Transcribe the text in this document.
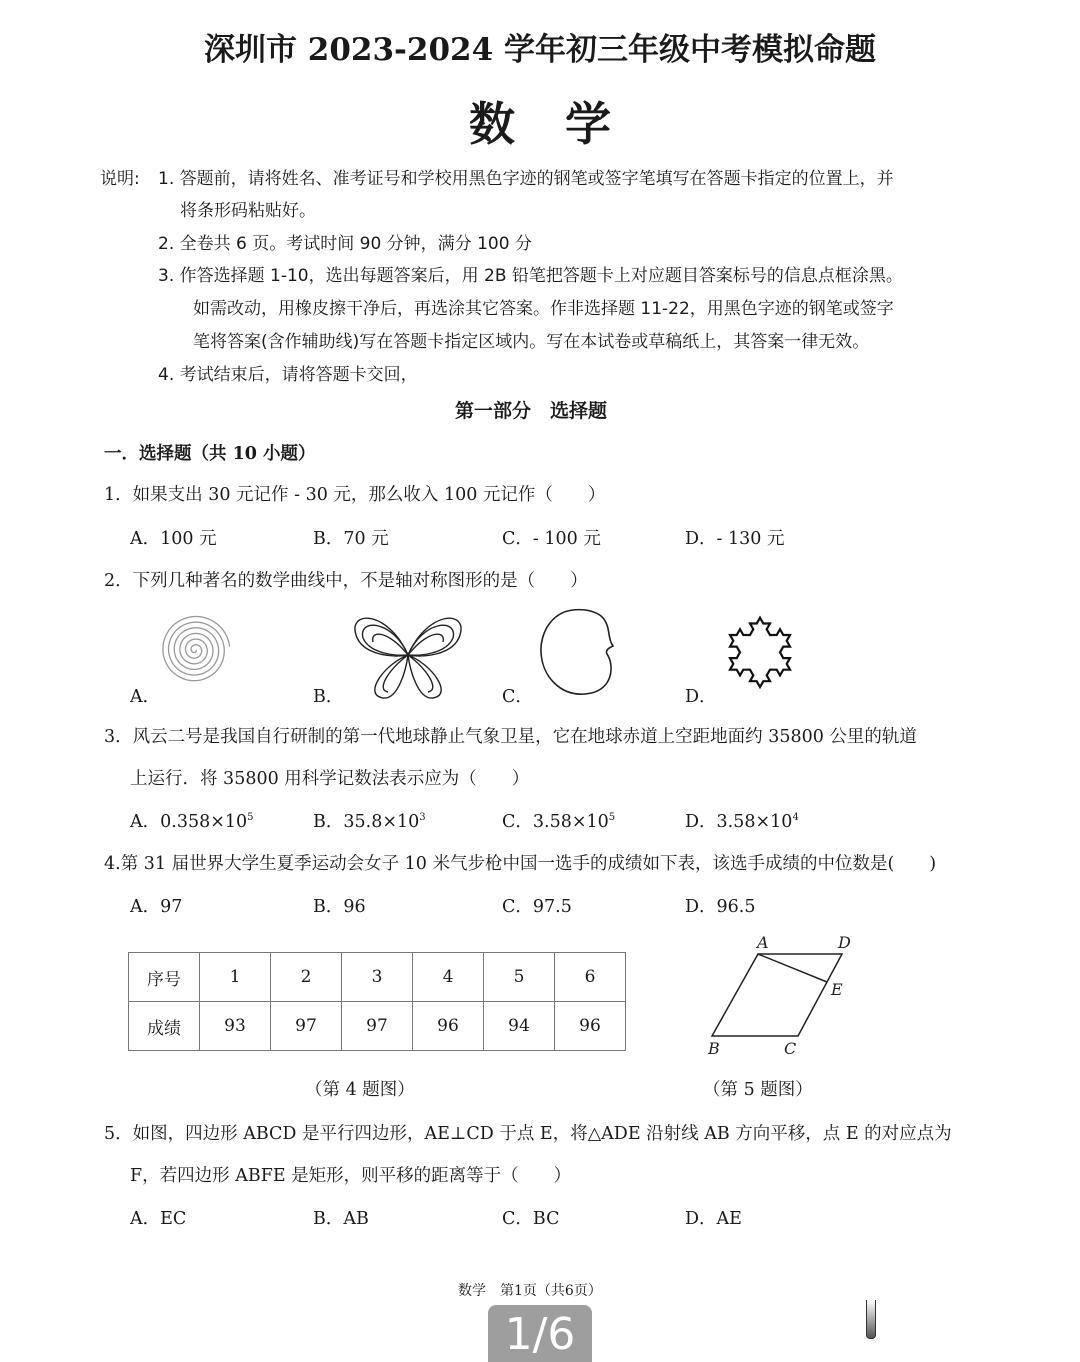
深圳市 2023-2024 学年初三年级中考模拟命题
数学
说明: 1. 答题前，请将姓名、准考证号和学校用黑色字迹的钢笔或签字笔填写在答题卡指定的位置上，并
将条形码粘贴好。
2. 全卷共 6 页。考试时间 90 分钟，满分 100 分
3. 作答选择题 1-10，选出每题答案后，用 2B 铅笔把答题卡上对应题目答案标号的信息点框涂黑。
如需改动，用橡皮擦干净后，再选涂其它答案。作非选择题 11-22，用黑色字迹的钢笔或签字
笔将答案(含作辅助线)写在答题卡指定区域内。写在本试卷或草稿纸上，其答案一律无效。
4. 考试结束后，请将答题卡交回，
第一部分　选择题
一．选择题（共 10 小题）
1．如果支出 30 元记作 - 30 元，那么收入 100 元记作（　　）
A．100 元	B．70 元	C．- 100 元	D．- 130 元
2．下列几种著名的数学曲线中，不是轴对称图形的是（　　）
A．	B．	C．	D．
3．风云二号是我国自行研制的第一代地球静止气象卫星，它在地球赤道上空距地面约 35800 公里的轨道
上运行．将 35800 用科学记数法表示应为（　　）
A．$0.358\times 10^5$	B．$35.8\times 10^3$	C．$3.58\times 10^5$	D．$3.58\times 10^4$
4.第 31 届世界大学生夏季运动会女子 10 米气步枪中国一选手的成绩如下表，该选手成绩的中位数是(　　)
A．97	B．96	C．97.5	D．96.5
序号	1	2	3	4	5	6
成绩	93	97	97	96	94	96
A	D
E
B	C
（第 4 题图）	（第 5 题图）
5．如图，四边形 ABCD 是平行四边形，AE⊥CD 于点 E，将△ADE 沿射线 AB 方向平移，点 E 的对应点为
F，若四边形 ABFE 是矩形，则平移的距离等于（　　）
A．EC	B．AB	C．BC	D．AE
数学　第1页（共6页）
1/6
